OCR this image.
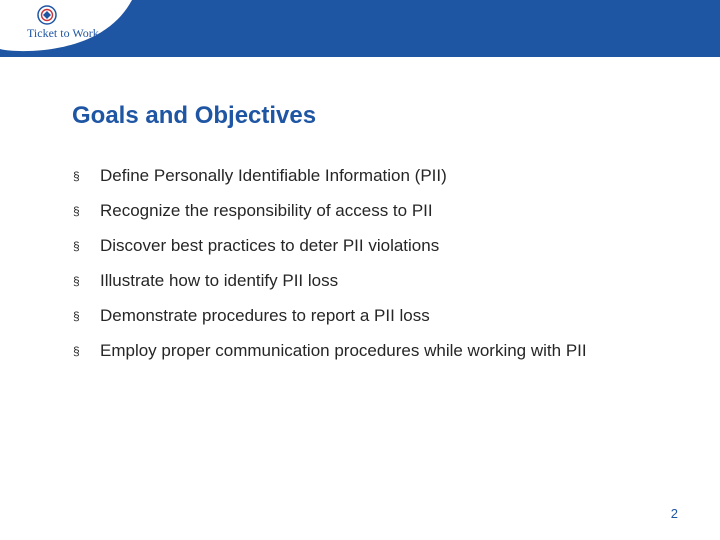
Ticket to Work
Goals and Objectives
§ Define Personally Identifiable Information (PII)
§ Recognize the responsibility of access to PII
§ Discover best practices to deter PII violations
§ Illustrate how to identify PII loss
§ Demonstrate procedures to report a PII loss
§ Employ proper communication procedures while working with PII
2
